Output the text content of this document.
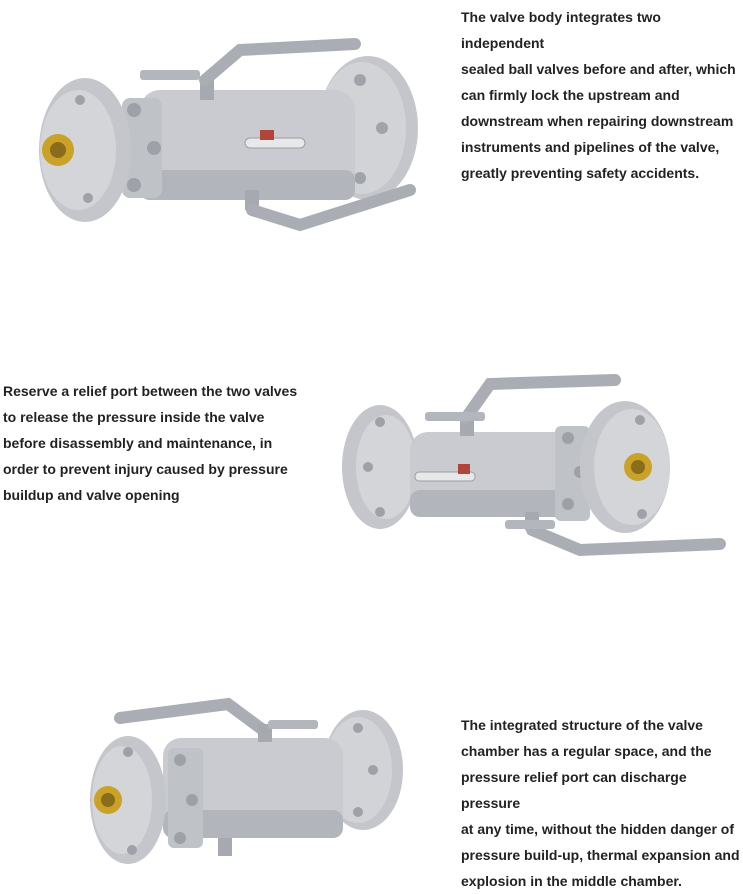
The valve body integrates two independent

sealed ball valves before and after, which

can firmly lock the upstream and

downstream when repairing downstream

instruments and pipelines of the valve,

greatly preventing safety accidents.

Reserve a relief port between the two valves

to release the pressure inside the valve

before disassembly and maintenance, in

order to prevent injury caused by pressure

buildup and valve opening

The integrated structure of the valve

chamber has a regular space, and the

pressure relief port can discharge pressure

at any time, without the hidden danger of

pressure build-up, thermal expansion and

explosion in the middle chamber.
